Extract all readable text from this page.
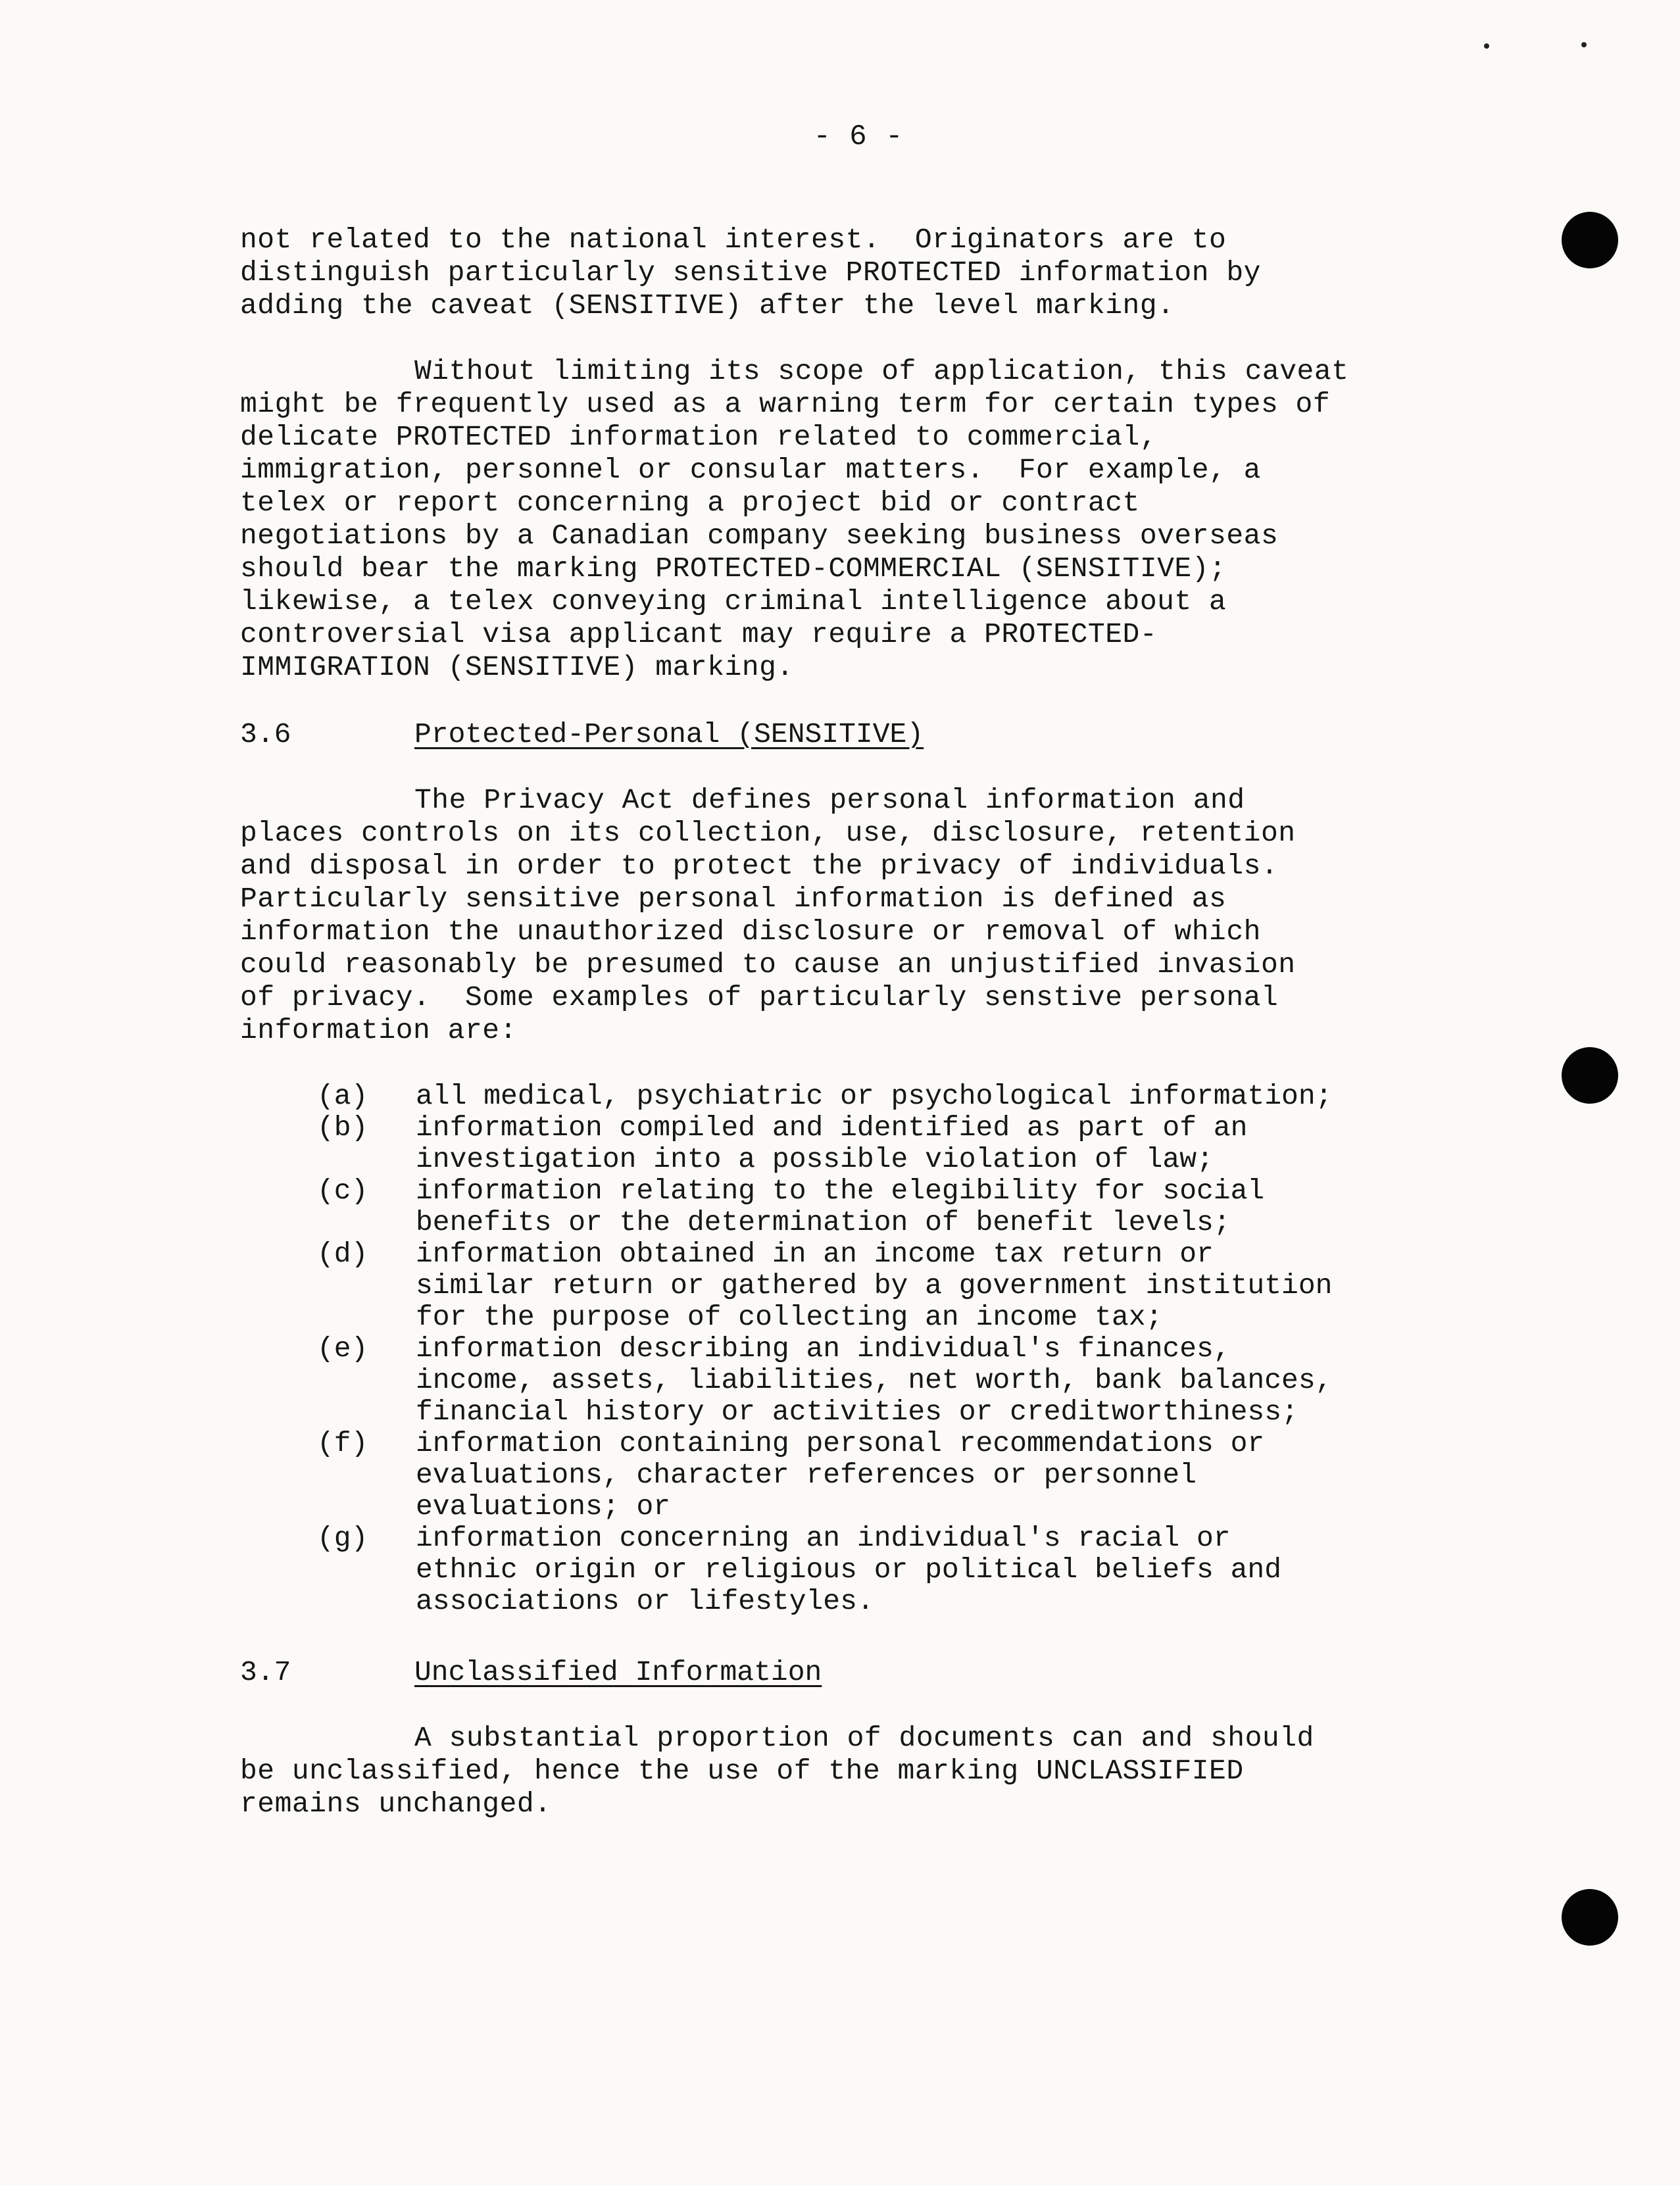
- 6 -
not related to the national interest.  Originators are to
distinguish particularly sensitive PROTECTED information by
adding the caveat (SENSITIVE) after the level marking.
Without limiting its scope of application, this caveat
might be frequently used as a warning term for certain types of
delicate PROTECTED information related to commercial,
immigration, personnel or consular matters.  For example, a
telex or report concerning a project bid or contract
negotiations by a Canadian company seeking business overseas
should bear the marking PROTECTED-COMMERCIAL (SENSITIVE);
likewise, a telex conveying criminal intelligence about a
controversial visa applicant may require a PROTECTED-
IMMIGRATION (SENSITIVE) marking.
3.6	Protected-Personal (SENSITIVE)
The Privacy Act defines personal information and
places controls on its collection, use, disclosure, retention
and disposal in order to protect the privacy of individuals.
Particularly sensitive personal information is defined as
information the unauthorized disclosure or removal of which
could reasonably be presumed to cause an unjustified invasion
of privacy.  Some examples of particularly senstive personal
information are:
(a) all medical, psychiatric or psychological information;
(b) information compiled and identified as part of an
investigation into a possible violation of law;
(c) information relating to the elegibility for social
benefits or the determination of benefit levels;
(d) information obtained in an income tax return or
similar return or gathered by a government institution
for the purpose of collecting an income tax;
(e) information describing an individual's finances,
income, assets, liabilities, net worth, bank balances,
financial history or activities or creditworthiness;
(f) information containing personal recommendations or
evaluations, character references or personnel
evaluations; or
(g) information concerning an individual's racial or
ethnic origin or religious or political beliefs and
associations or lifestyles.
3.7	Unclassified Information
A substantial proportion of documents can and should
be unclassified, hence the use of the marking UNCLASSIFIED
remains unchanged.
